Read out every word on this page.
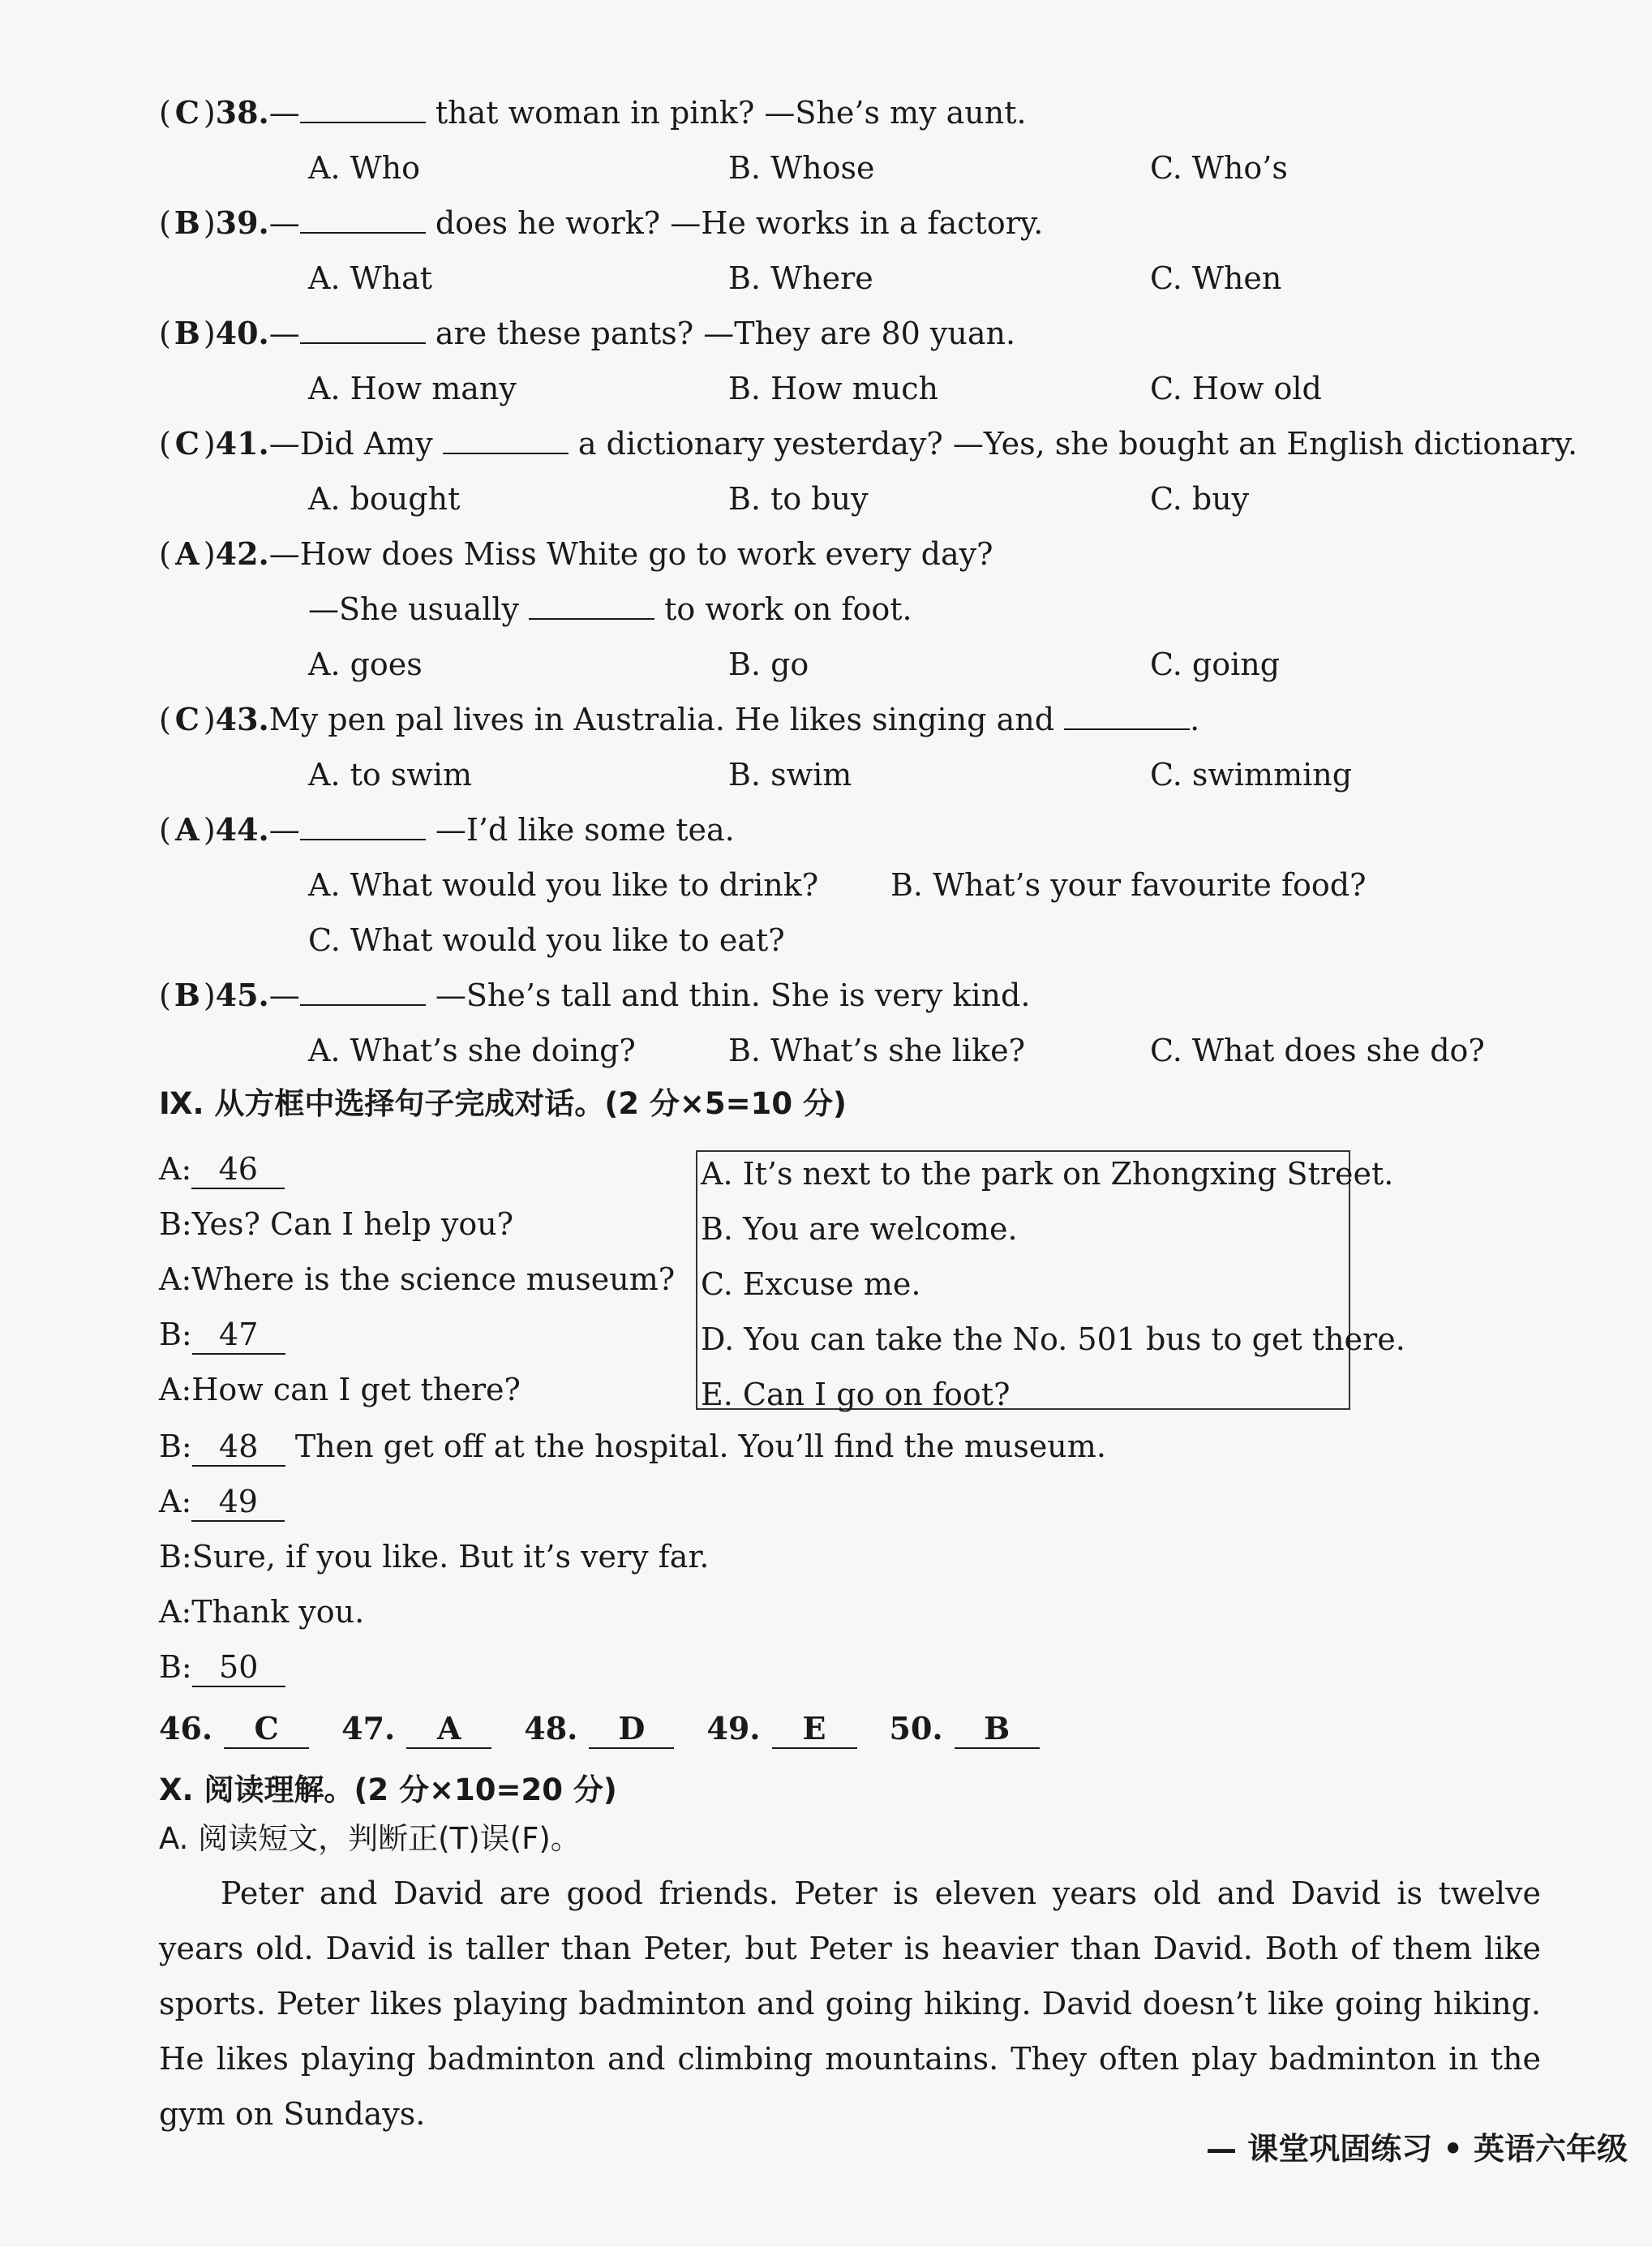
( C )38.—	that woman in pink? —She’s my aunt.
A. Who	B. Whose	C. Who’s
( B )39.—	does he work? —He works in a factory.
A. What	B. Where	C. When
( B )40.—	are these pants? —They are 80 yuan.
A. How many	B. How much	C. How old
( C )41.—Did Amy	a dictionary yesterday? —Yes, she bought an English dictionary.
A. bought	B. to buy	C. buy
( A )42.—How does Miss White go to work every day?
—She usually	to work on foot.
A. goes	B. go	C. going
( C )43.My pen pal lives in Australia. He likes singing and	.
A. to swim	B. swim	C. swimming
( A )44.—	—I’d like some tea.
A. What would you like to drink? B. What’s your favourite food?
C. What would you like to eat?
( B )45.—	—She’s tall and thin. She is very kind.
A. What’s she doing?	B. What’s she like?	C. What does she do?
Ⅸ. 从方框中选择句子完成对话。(2 分×5=10 分)
A: 46
B:Yes? Can I help you?
A:Where is the science museum?
B: 47
A:How can I get there?
B: 48 Then get off at the hospital. You’ll find the museum.
A: 49
B:Sure, if you like. But it’s very far.
A:Thank you.
B: 50
A. It’s next to the park on Zhongxing Street.
B. You are welcome.
C. Excuse me.
D. You can take the No. 501 bus to get there.
E. Can I go on foot?
46. C 47. A 48. D 49. E 50. B
Ⅹ. 阅读理解。(2 分×10=20 分)
A. 阅读短文，判断正(T)误(F)。
Peter and David are good friends. Peter is eleven years old and David is twelve years old. David is taller than Peter, but Peter is heavier than David. Both of them like sports. Peter likes playing badminton and going hiking. David doesn’t like going hiking. He likes playing badminton and climbing mountains. They often play badminton in the gym on Sundays.
— 课堂巩固练习 • 英语六年级
